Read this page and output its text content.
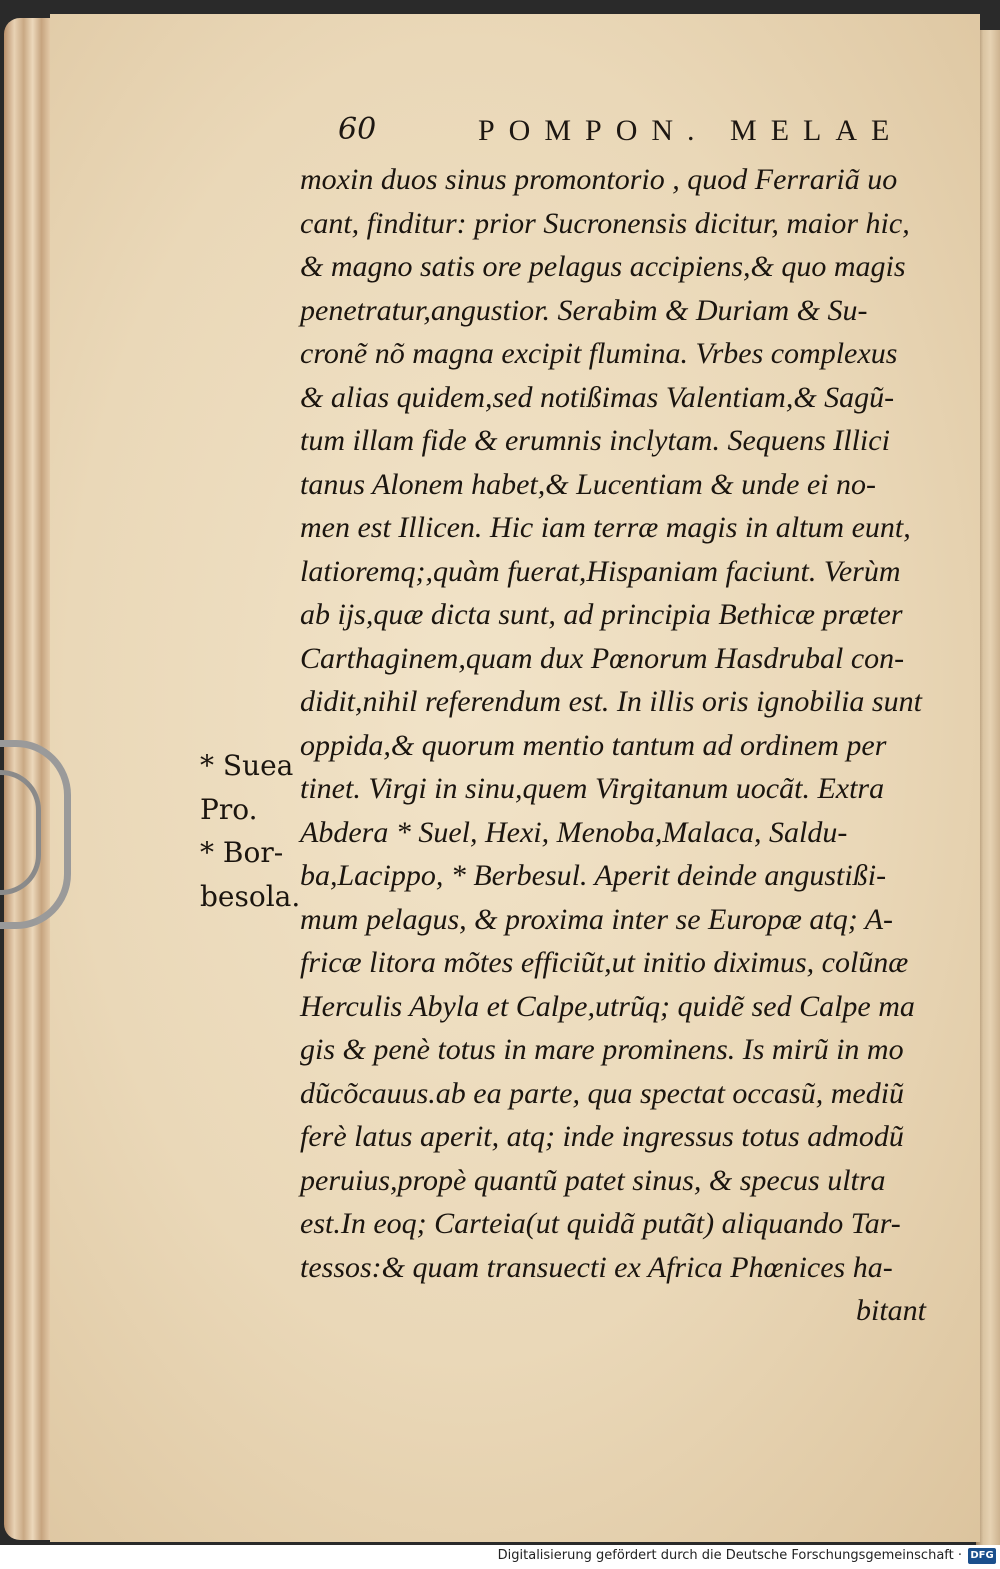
60	POMPON. MELAE
moxin duos sinus promontorio , quod Ferrariã uo
cant, finditur: prior Sucronensis dicitur, maior hic,
& magno satis ore pelagus accipiens,& quo magis
penetratur,angustior. Serabim & Duriam & Su-
cronẽ nõ magna excipit flumina. Vrbes complexus
& alias quidem,sed notißimas Valentiam,& Sagũ-
tum illam fide & erumnis inclytam. Sequens Illici
tanus Alonem habet,& Lucentiam & unde ei no-
men est Illicen. Hic iam terræ magis in altum eunt,
latioremq;,quàm fuerat,Hispaniam faciunt. Verùm
ab ijs,quæ dicta sunt, ad principia Bethicæ præter
Carthaginem,quam dux Pœnorum Hasdrubal con-
didit,nihil referendum est. In illis oris ignobilia sunt
oppida,& quorum mentio tantum ad ordinem per
tinet. Virgi in sinu,quem Virgitanum uocãt. Extra
Abdera * Suel, Hexi, Menoba,Malaca, Saldu-
ba,Lacippo, * Berbesul. Aperit deinde angustißi-
mum pelagus, & proxima inter se Europæ atq; A-
fricæ litora mõtes efficiũt,ut initio diximus, colũnæ
Herculis Abyla et Calpe,utrũq; quidẽ sed Calpe ma
gis & penè totus in mare prominens. Is mirũ in mo
dũcõcauus.ab ea parte, qua spectat occasũ, mediũ
ferè latus aperit, atq; inde ingressus totus admodũ
peruius,propè quantũ patet sinus, & specus ultra
est.In eoq; Carteia(ut quidã putãt) aliquando Tar-
tessos:& quam transuecti ex Africa Phœnices ha-
bitant
* Suea
Pro.
* Bor-
besola.
Digitalisierung gefördert durch die Deutsche Forschungsgemeinschaft · DFG
